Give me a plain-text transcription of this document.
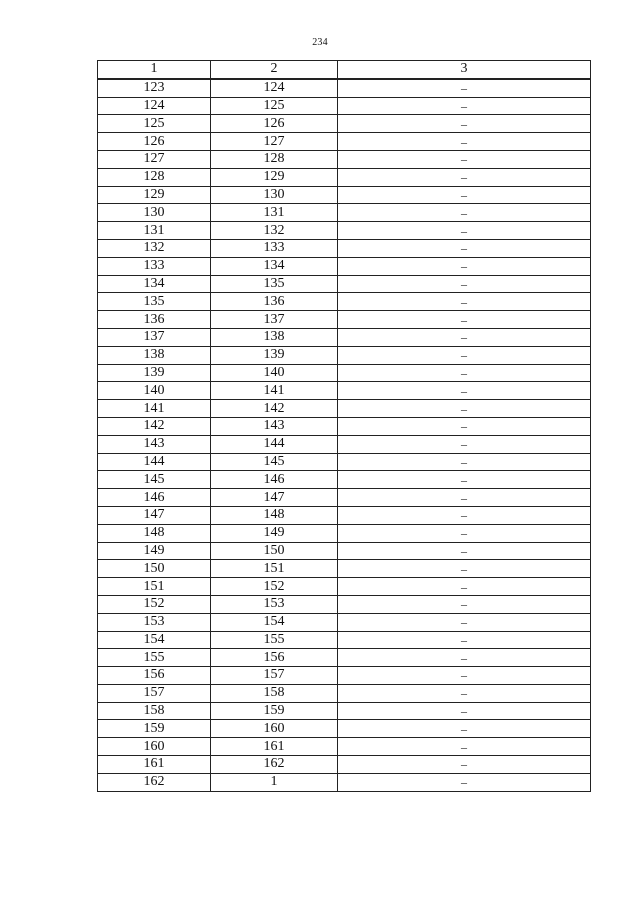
234
1	2	3
123	124	–
124	125	–
125	126	–
126	127	–
127	128	–
128	129	–
129	130	–
130	131	–
131	132	–
132	133	–
133	134	–
134	135	–
135	136	–
136	137	–
137	138	–
138	139	–
139	140	–
140	141	–
141	142	–
142	143	–
143	144	–
144	145	–
145	146	–
146	147	–
147	148	–
148	149	–
149	150	–
150	151	–
151	152	–
152	153	–
153	154	–
154	155	–
155	156	–
156	157	–
157	158	–
158	159	–
159	160	–
160	161	–
161	162	–
162	1	–
